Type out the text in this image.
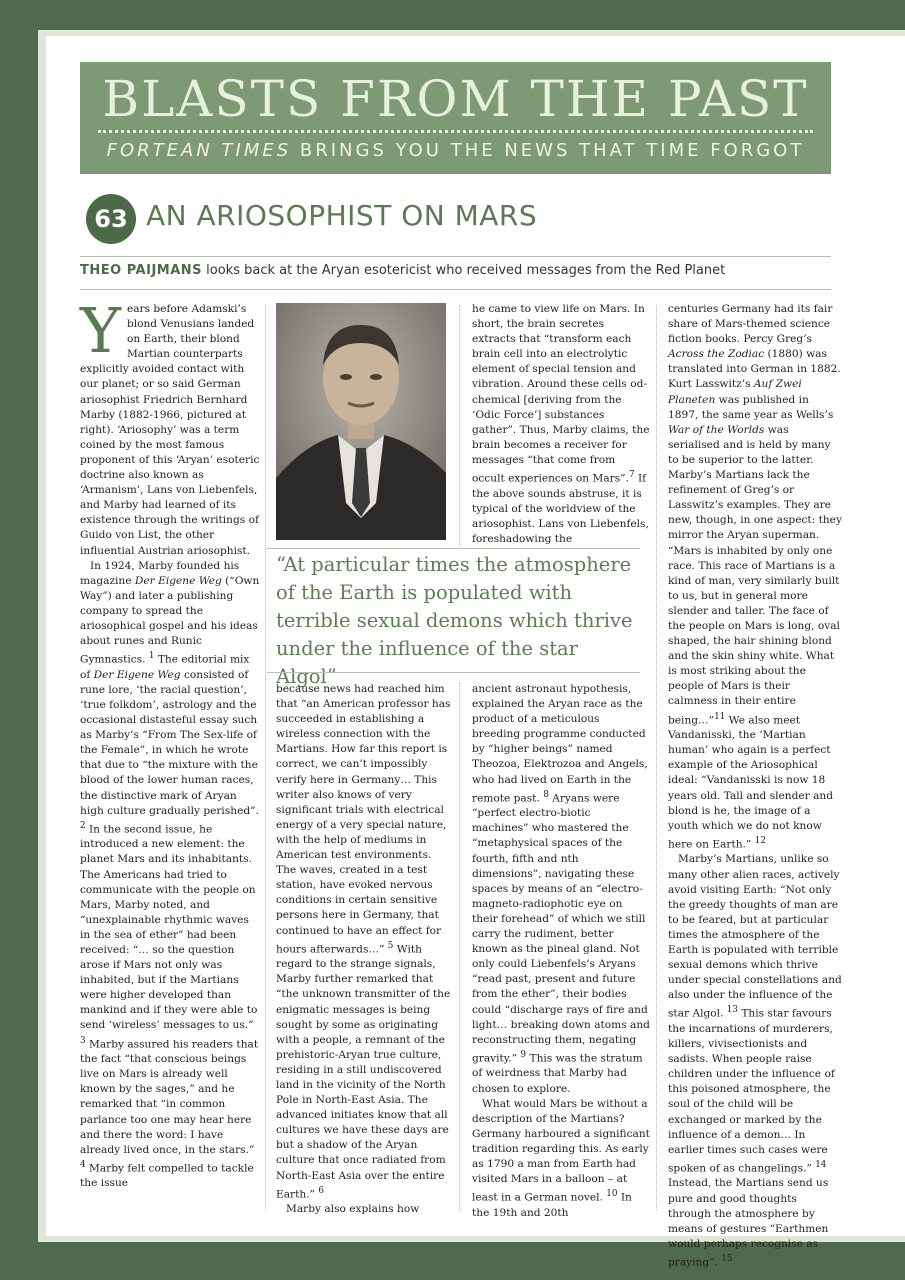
BLASTS FROM THE PAST
FORTEAN TIMES BRINGS YOU THE NEWS THAT TIME FORGOT
63 AN ARIOSOPHIST ON MARS
THEO PAIJMANS looks back at the Aryan esotericist who received messages from the Red Planet
Y ears before Adamski’s blond Venusians landed on Earth, their blond Martian counterparts explicitly avoided contact with our planet; or so said German ariosophist Friedrich Bernhard Marby (1882-1966, pictured at right). ‘Ariosophy’ was a term coined by the most famous proponent of this ‘Aryan’ esoteric doctrine also known as ‘Armanism’, Lans von Liebenfels, and Marby had learned of its existence through the writings of Guido von List, the other influential Austrian ariosophist.

In 1924, Marby founded his magazine Der Eigene Weg (“Own Way”) and later a publishing company to spread the ariosophical gospel and his ideas about runes and Runic Gymnastics. $^1$ The editorial mix of Der Eigene Weg consisted of rune lore, ‘the racial question’, ‘true folkdom’, astrology and the occasional distasteful essay such as Marby’s “From The Sex-life of the Female”, in which he wrote that due to “the mixture with the blood of the lower human races, the distinctive mark of Aryan high culture gradually perished”. $^2$ In the second issue, he introduced a new element: the planet Mars and its inhabitants. The Americans had tried to communicate with the people on Mars, Marby noted, and “unexplainable rhythmic waves in the sea of ether” had been received: “… so the question arose if Mars not only was inhabited, but if the Martians were higher developed than mankind and if they were able to send ‘wireless’ messages to us.” $^3$ Marby assured his readers that the fact “that conscious beings live on Mars is already well known by the sages,” and he remarked that “in common parlance too one may hear here and there the word: I have already lived once, in the stars.” $^4$ Marby felt compelled to tackle the issue

he came to view life on Mars. In short, the brain secretes extracts that “transform each brain cell into an electrolytic element of special tension and vibration. Around these cells od-chemical [deriving from the ‘Odic Force’] substances gather”. Thus, Marby claims, the brain becomes a receiver for messages “that come from occult experiences on Mars”.$^7$ If the above sounds abstruse, it is typical of the worldview of the ariosophist. Lans von Liebenfels, foreshadowing the

“At particular times the atmosphere of the Earth is populated with terrible sexual demons which thrive under the influence of the star Algol”

because news had reached him that “an American professor has succeeded in establishing a wireless connection with the Martians. How far this report is correct, we can’t impossibly verify here in Germany… This writer also knows of very significant trials with electrical energy of a very special nature, with the help of mediums in American test environments. The waves, created in a test station, have evoked nervous conditions in certain sensitive persons here in Germany, that continued to have an effect for hours afterwards…” $^5$ With regard to the strange signals, Marby further remarked that “the unknown transmitter of the enigmatic messages is being sought by some as originating with a people, a remnant of the prehistoric-Aryan true culture, residing in a still undiscovered land in the vicinity of the North Pole in North-East Asia. The advanced initiates know that all cultures we have these days are but a shadow of the Aryan culture that once radiated from North-East Asia over the entire Earth.” $^6$

Marby also explains how

ancient astronaut hypothesis, explained the Aryan race as the product of a meticulous breeding programme conducted by “higher beings” named Theozoa, Elektrozoa and Angels, who had lived on Earth in the remote past. $^8$ Aryans were “perfect electro-biotic machines” who mastered the “metaphysical spaces of the fourth, fifth and nth dimensions”, navigating these spaces by means of an “electro-magneto-radiophotic eye on their forehead” of which we still carry the rudiment, better known as the pineal gland. Not only could Liebenfels’s Aryans “read past, present and future from the ether”, their bodies could “discharge rays of fire and light… breaking down atoms and reconstructing them, negating gravity.” $^9$ This was the stratum of weirdness that Marby had chosen to explore.

What would Mars be without a description of the Martians? Germany harboured a significant tradition regarding this. As early as 1790 a man from Earth had visited Mars in a balloon – at least in a German novel. $^{10}$ In the 19th and 20th

centuries Germany had its fair share of Mars-themed science fiction books. Percy Greg’s Across the Zodiac (1880) was translated into German in 1882. Kurt Lasswitz’s Auf Zwei Planeten was published in 1897, the same year as Wells’s War of the Worlds was serialised and is held by many to be superior to the latter. Marby’s Martians lack the refinement of Greg’s or Lasswitz’s examples. They are new, though, in one aspect: they mirror the Aryan superman. “Mars is inhabited by only one race. This race of Martians is a kind of man, very similarly built to us, but in general more slender and taller. The face of the people on Mars is long, oval shaped, the hair shining blond and the skin shiny white. What is most striking about the people of Mars is their calmness in their entire being…”$^{11}$ We also meet Vandanisski, the ‘Martian human’ who again is a perfect example of the Ariosophical ideal: “Vandanisski is now 18 years old. Tall and slender and blond is he, the image of a youth which we do not know here on Earth.” $^{12}$

Marby’s Martians, unlike so many other alien races, actively avoid visiting Earth: “Not only the greedy thoughts of man are to be feared, but at particular times the atmosphere of the Earth is populated with terrible sexual demons which thrive under special constellations and also under the influence of the star Algol. $^{13}$ This star favours the incarnations of murderers, killers, vivisectionists and sadists. When people raise children under the influence of this poisoned atmosphere, the soul of the child will be exchanged or marked by the influence of a demon… In earlier times such cases were spoken of as changelings.” $^{14}$ Instead, the Martians send us pure and good thoughts through the atmosphere by means of gestures “Earthmen would perhaps recognise as praying”. $^{15}$
